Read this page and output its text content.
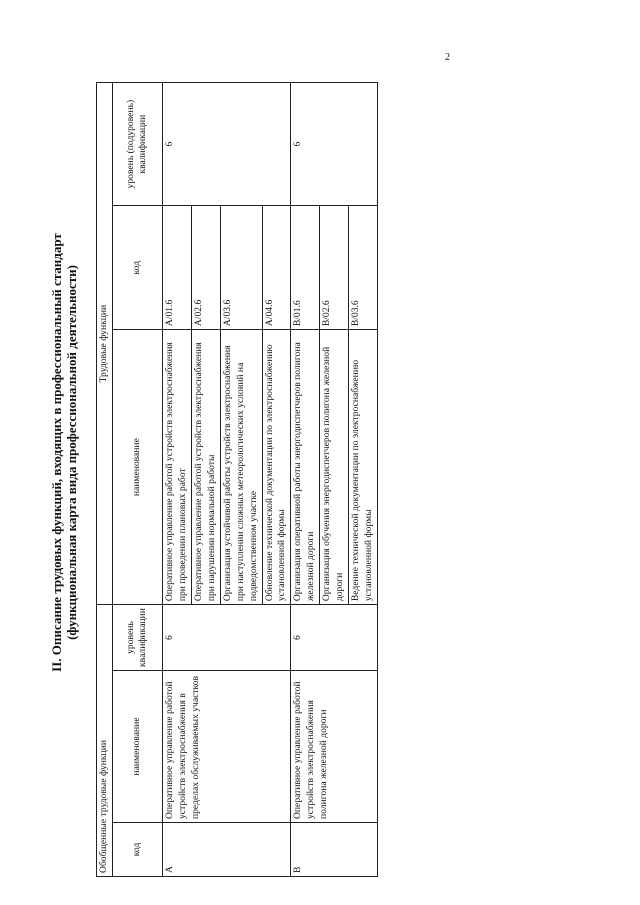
2
II. Описание трудовых функций, входящих в профессиональный стандарт (функциональная карта вида профессиональной деятельности)
Обобщенные трудовые функции			Трудовые функции		
код	наименование	уровень квалификации	наименование	код	уровень (подуровень) квалификации
A	Оперативное управление работой устройств электроснабжения в пределах обслуживаемых участков	6	Оперативное управление работой устройств электроснабжения при проведении плановых работ	A/01.6	6
			Оперативное управление работой устройств электроснабжения при нарушении нормальной работы	A/02.6	
			Организация устойчивой работы устройств электроснабжения при наступлении сложных метеорологических условий на подведомственном участке	A/03.6	
			Обновление технической документации по электроснабжению установленной формы	A/04.6	
B	Оперативное управление работой устройств электроснабжения полигона железной дороги	6	Организация оперативной работы энергодиспетчеров полигона железной дороги	B/01.6	6
			Организация обучения энергодиспетчеров полигона железной дороги	B/02.6	
			Ведение технической документации по электроснабжению установленной формы	B/03.6	
